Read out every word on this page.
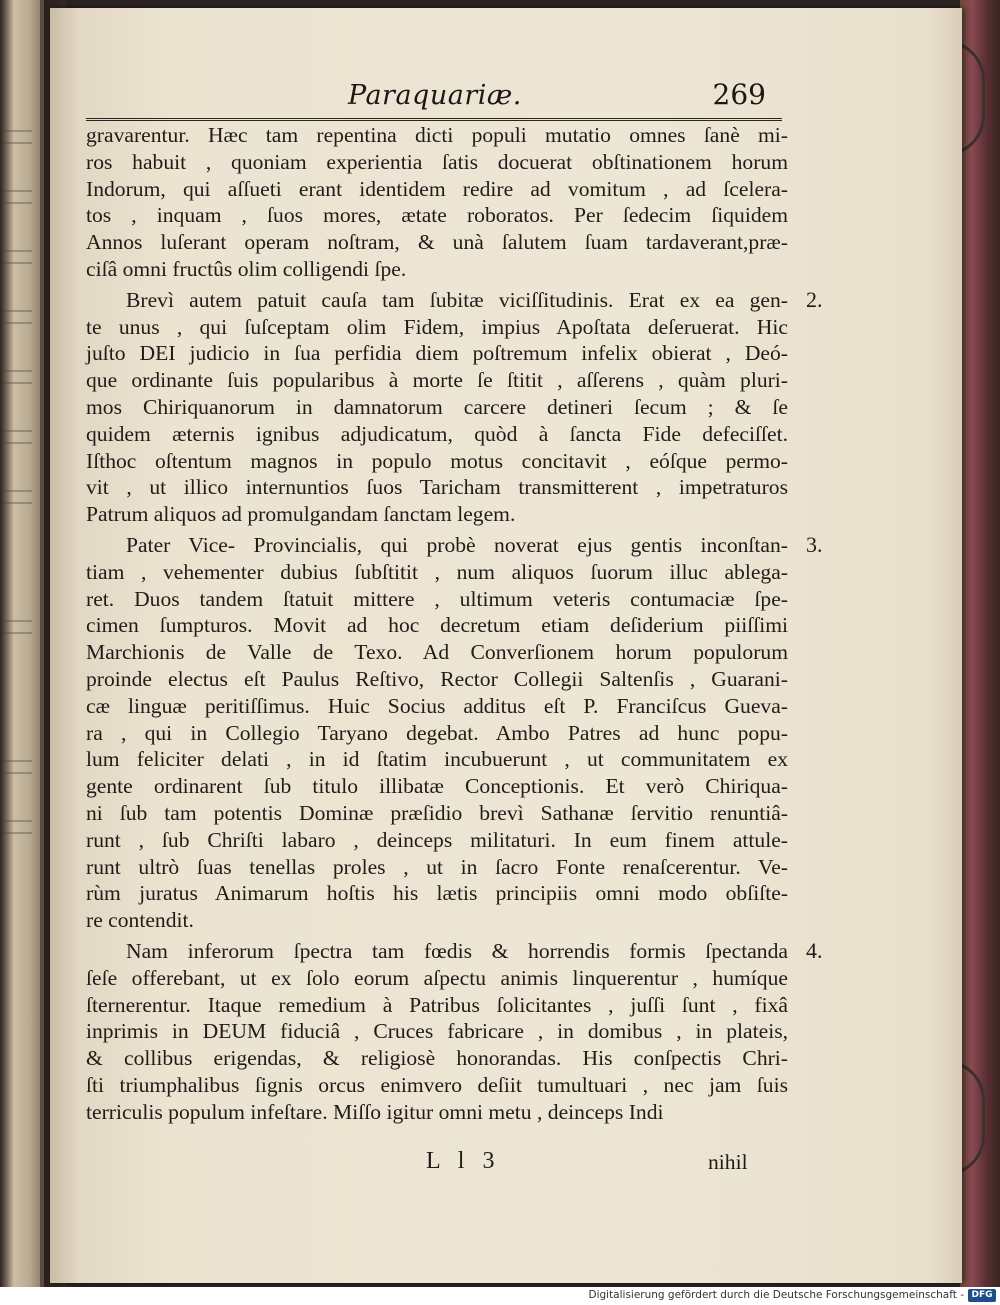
Paraquariæ.	269
gravarentur. Hæc tam repentina dicti populi mutatio omnes ſanè mi-
ros habuit , quoniam experientia ſatis docuerat obſtinationem horum
Indorum, qui aſſueti erant identidem redire ad vomitum , ad ſcelera-
tos , inquam , ſuos mores, ætate roboratos. Per ſedecim ſiquidem
Annos luſerant operam noſtram, & unà ſalutem ſuam tardaverant,præ-
ciſâ omni fructûs olim colligendi ſpe.
Brevì autem patuit cauſa tam ſubitæ viciſſitudinis. Erat ex ea gen-
te unus , qui ſuſceptam olim Fidem, impius Apoſtata deſeruerat. Hic
juſto DEI judicio in ſua perfidia diem poſtremum infelix obierat , Deó-
que ordinante ſuis popularibus à morte ſe ſtitit , aſſerens , quàm pluri-
mos Chiriquanorum in damnatorum carcere detineri ſecum ; & ſe
quidem æternis ignibus adjudicatum, quòd à ſancta Fide defeciſſet.
Iſthoc oſtentum magnos in populo motus concitavit , eóſque permo-
vit , ut illico internuntios ſuos Taricham transmitterent , impetraturos
Patrum aliquos ad promulgandam ſanctam legem.
2.
Pater Vice- Provincialis, qui probè noverat ejus gentis inconſtan-
tiam , vehementer dubius ſubſtitit , num aliquos ſuorum illuc ablega-
ret. Duos tandem ſtatuit mittere , ultimum veteris contumaciæ ſpe-
cimen ſumpturos. Movit ad hoc decretum etiam deſiderium piiſſimi
Marchionis de Valle de Texo. Ad Converſionem horum populorum
proinde electus eſt Paulus Reſtivo, Rector Collegii Saltenſis , Guarani-
cæ linguæ peritiſſimus. Huic Socius additus eſt P. Franciſcus Gueva-
ra , qui in Collegio Taryano degebat. Ambo Patres ad hunc popu-
lum feliciter delati , in id ſtatim incubuerunt , ut communitatem ex
gente ordinarent ſub titulo illibatæ Conceptionis. Et verò Chiriqua-
ni ſub tam potentis Dominæ præſidio brevì Sathanæ ſervitio renuntiâ-
runt , ſub Chriſti labaro , deinceps militaturi. In eum finem attule-
runt ultrò ſuas tenellas proles , ut in ſacro Fonte renaſcerentur. Ve-
rùm juratus Animarum hoſtis his lætis principiis omni modo obſiſte-
re contendit.
3.
Nam inferorum ſpectra tam fœdis & horrendis formis ſpectanda
ſeſe offerebant, ut ex ſolo eorum aſpectu animis linquerentur , humíque
ſternerentur. Itaque remedium à Patribus ſolicitantes , juſſi ſunt , fixâ
inprimis in DEUM fiduciâ , Cruces fabricare , in domibus , in plateis,
& collibus erigendas, & religiosè honorandas. His conſpectis Chri-
ſti triumphalibus ſignis orcus enimvero deſiit tumultuari , nec jam ſuis
terriculis populum infeſtare. Miſſo igitur omni metu , deinceps Indi
4.
L l 3	nihil
Digitalisierung gefördert durch die Deutsche Forschungsgemeinschaft - DFG
